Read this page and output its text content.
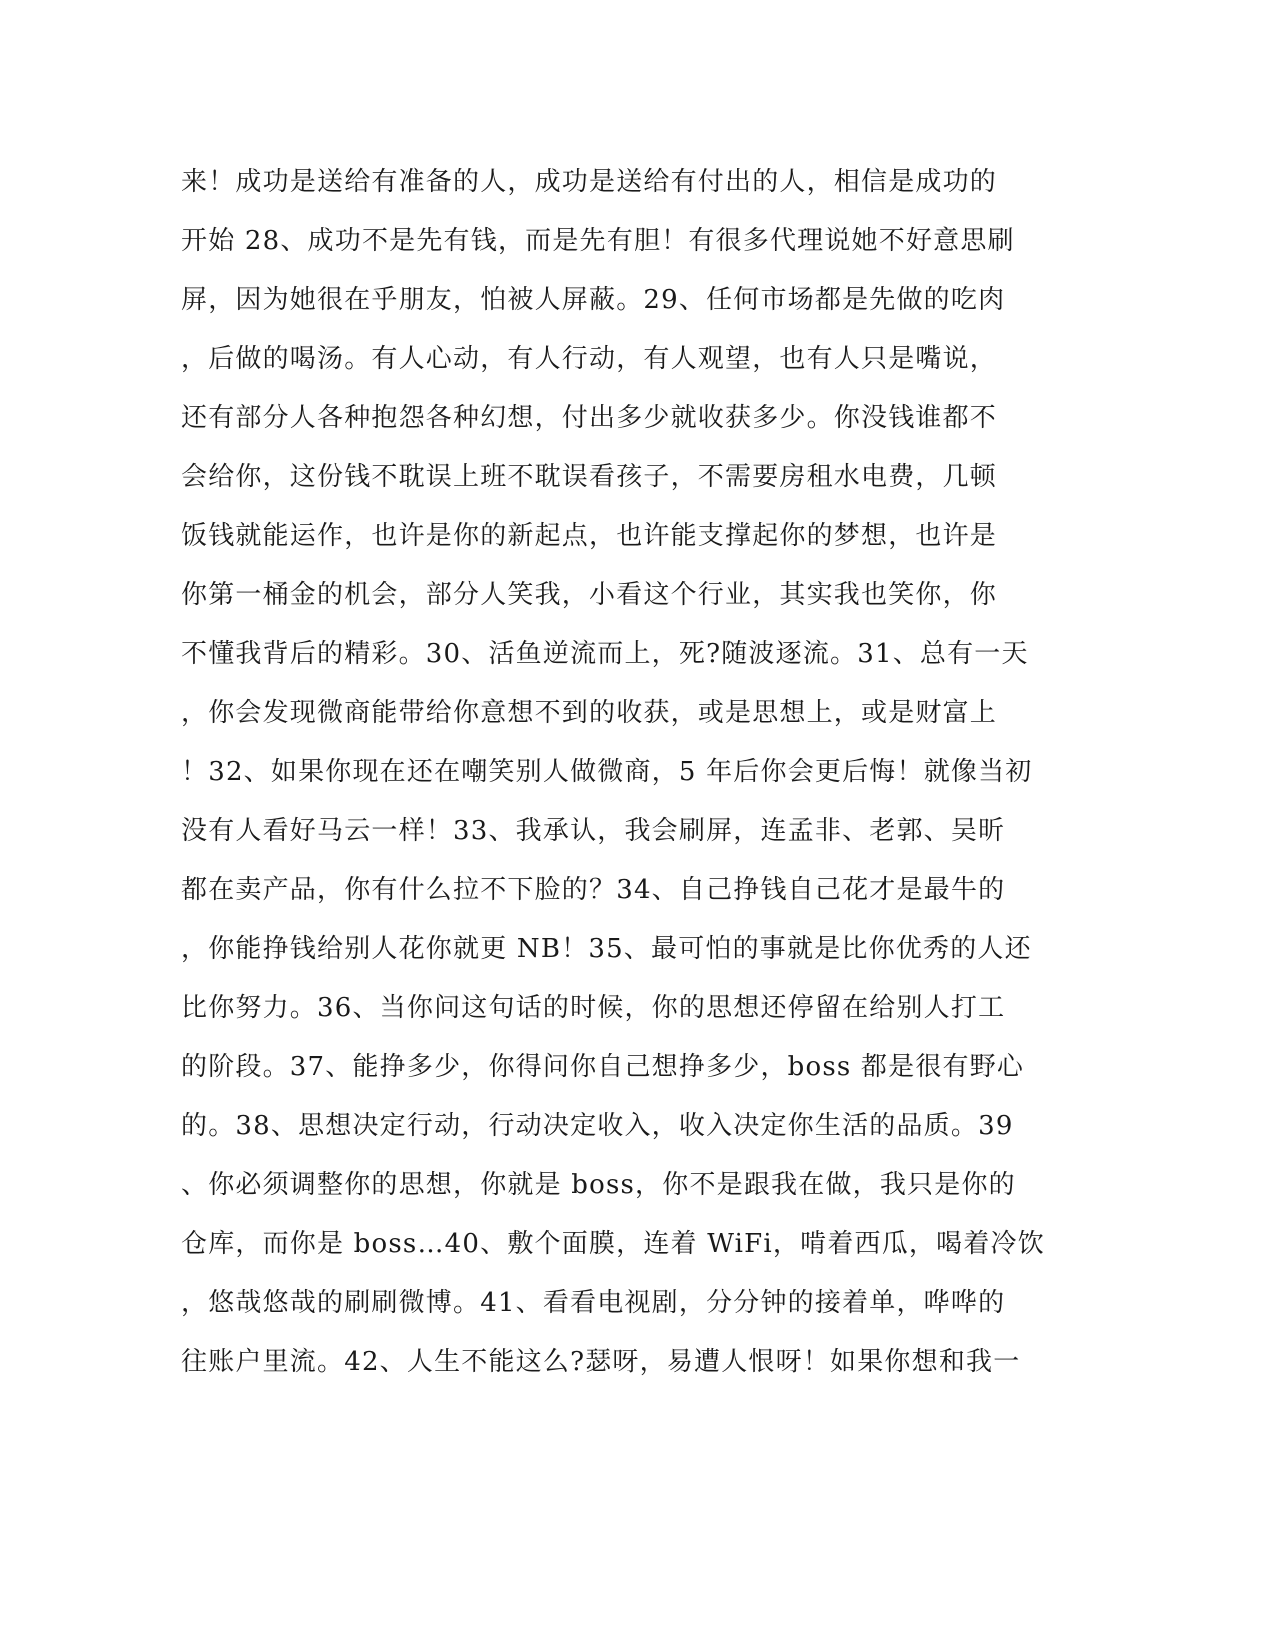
来！成功是送给有准备的人，成功是送给有付出的人，相信是成功的
开始 28、成功不是先有钱，而是先有胆！有很多代理说她不好意思刷
屏，因为她很在乎朋友，怕被人屏蔽。29、任何市场都是先做的吃肉
，后做的喝汤。有人心动，有人行动，有人观望，也有人只是嘴说，
还有部分人各种抱怨各种幻想，付出多少就收获多少。你没钱谁都不
会给你，这份钱不耽误上班不耽误看孩子，不需要房租水电费，几顿
饭钱就能运作，也许是你的新起点，也许能支撑起你的梦想，也许是
你第一桶金的机会，部分人笑我，小看这个行业，其实我也笑你，你
不懂我背后的精彩。30、活鱼逆流而上，死?随波逐流。31、总有一天
，你会发现微商能带给你意想不到的收获，或是思想上，或是财富上
！32、如果你现在还在嘲笑别人做微商，5 年后你会更后悔！就像当初
没有人看好马云一样！33、我承认，我会刷屏，连孟非、老郭、吴昕
都在卖产品，你有什么拉不下脸的？34、自己挣钱自己花才是最牛的
，你能挣钱给别人花你就更 NB！35、最可怕的事就是比你优秀的人还
比你努力。36、当你问这句话的时候，你的思想还停留在给别人打工
的阶段。37、能挣多少，你得问你自己想挣多少，boss 都是很有野心
的。38、思想决定行动，行动决定收入，收入决定你生活的品质。39
、你必须调整你的思想，你就是 boss，你不是跟我在做，我只是你的
仓库，而你是 boss…40、敷个面膜，连着 WiFi，啃着西瓜，喝着冷饮
，悠哉悠哉的刷刷微博。41、看看电视剧，分分钟的接着单，哗哗的
往账户里流。42、人生不能这么?瑟呀，易遭人恨呀！如果你想和我一
